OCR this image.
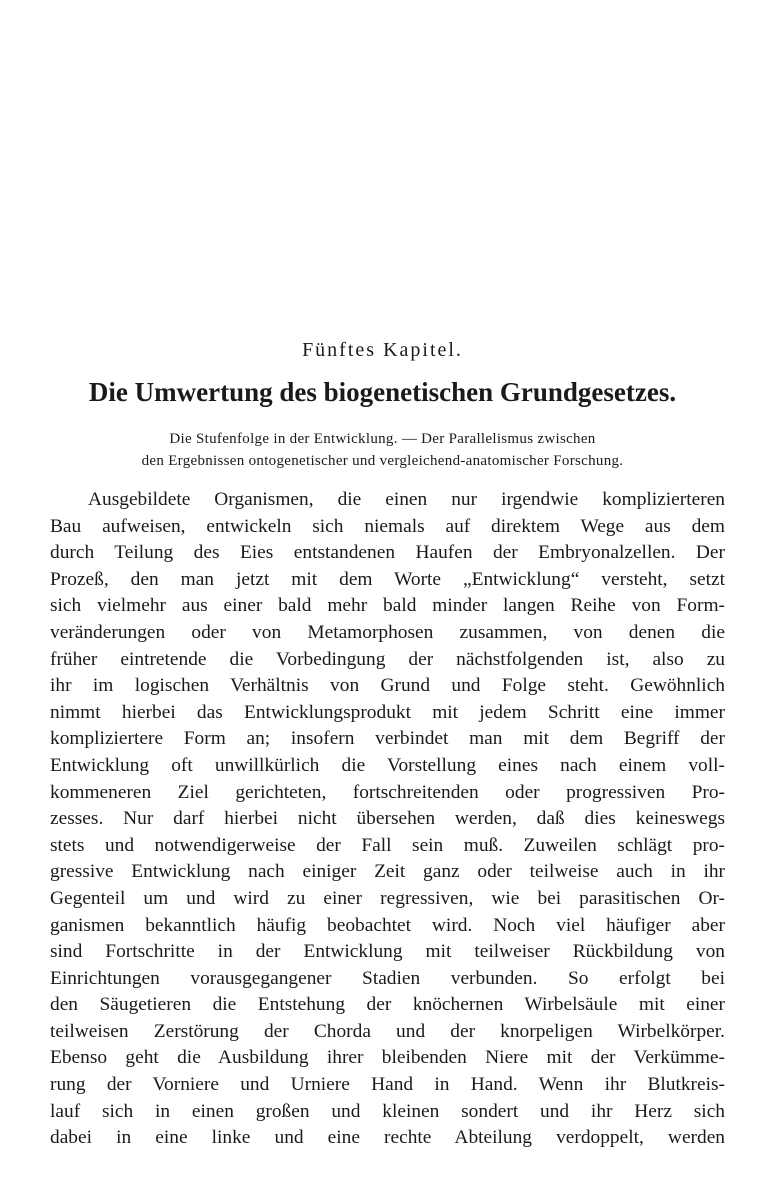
Fünftes Kapitel.
Die Umwertung des biogenetischen Grundgesetzes.
Die Stufenfolge in der Entwicklung. — Der Parallelismus zwischen
den Ergebnissen ontogenetischer und vergleichend-anatomischer Forschung.
Ausgebildete Organismen, die einen nur irgendwie komplizierteren
Bau aufweisen, entwickeln sich niemals auf direktem Wege aus dem
durch Teilung des Eies entstandenen Haufen der Embryonalzellen. Der
Prozeß, den man jetzt mit dem Worte „Entwicklung“ versteht, setzt
sich vielmehr aus einer bald mehr bald minder langen Reihe von Form-
veränderungen oder von Metamorphosen zusammen, von denen die
früher eintretende die Vorbedingung der nächstfolgenden ist, also zu
ihr im logischen Verhältnis von Grund und Folge steht. Gewöhnlich
nimmt hierbei das Entwicklungsprodukt mit jedem Schritt eine immer
kompliziertere Form an; insofern verbindet man mit dem Begriff der
Entwicklung oft unwillkürlich die Vorstellung eines nach einem voll-
kommeneren Ziel gerichteten, fortschreitenden oder progressiven Pro-
zesses. Nur darf hierbei nicht übersehen werden, daß dies keineswegs
stets und notwendigerweise der Fall sein muß. Zuweilen schlägt pro-
gressive Entwicklung nach einiger Zeit ganz oder teilweise auch in ihr
Gegenteil um und wird zu einer regressiven, wie bei parasitischen Or-
ganismen bekanntlich häufig beobachtet wird. Noch viel häufiger aber
sind Fortschritte in der Entwicklung mit teilweiser Rückbildung von
Einrichtungen vorausgegangener Stadien verbunden. So erfolgt bei
den Säugetieren die Entstehung der knöchernen Wirbelsäule mit einer
teilweisen Zerstörung der Chorda und der knorpeligen Wirbelkörper.
Ebenso geht die Ausbildung ihrer bleibenden Niere mit der Verkümme-
rung der Vorniere und Urniere Hand in Hand. Wenn ihr Blutkreis-
lauf sich in einen großen und kleinen sondert und ihr Herz sich
dabei in eine linke und eine rechte Abteilung verdoppelt, werden
